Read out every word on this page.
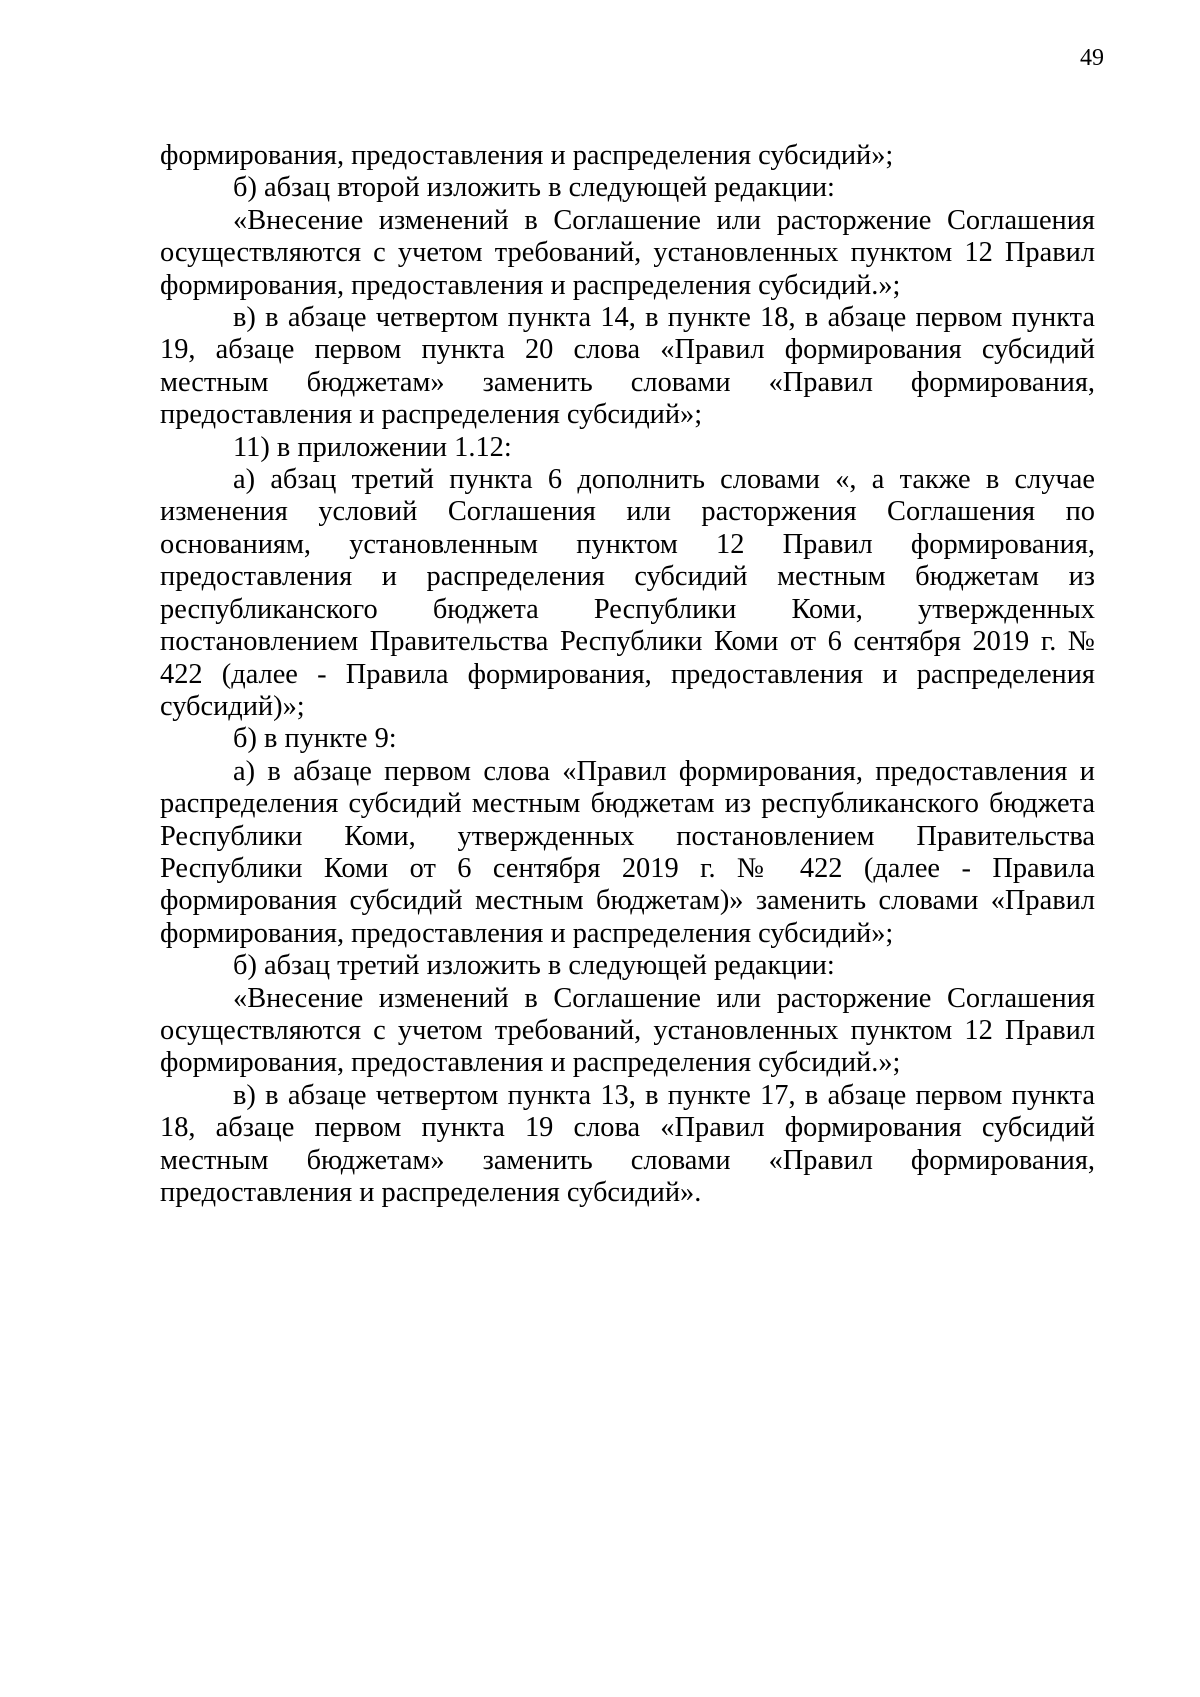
49

формирования, предоставления и распределения субсидий»;

б) абзац второй изложить в следующей редакции:

«Внесение изменений в Соглашение или расторжение Соглашения осуществляются с учетом требований, установленных пунктом 12 Правил формирования, предоставления и распределения субсидий.»;

в) в абзаце четвертом пункта 14, в пункте 18, в абзаце первом пункта 19, абзаце первом пункта 20 слова «Правил формирования субсидий местным бюджетам» заменить словами «Правил формирования, предоставления и распределения субсидий»;

11) в приложении 1.12:

а) абзац третий пункта 6 дополнить словами «, а также в случае изменения условий Соглашения или расторжения Соглашения по основаниям, установленным пунктом 12 Правил формирования, предоставления и распределения субсидий местным бюджетам из республиканского бюджета Республики Коми, утвержденных постановлением Правительства Республики Коми от 6 сентября 2019 г. № 422 (далее - Правила формирования, предоставления и распределения субсидий)»;

б) в пункте 9:

а) в абзаце первом слова «Правил формирования, предоставления и распределения субсидий местным бюджетам из республиканского бюджета Республики Коми, утвержденных постановлением Правительства Республики Коми от 6 сентября 2019 г. № 422 (далее - Правила формирования субсидий местным бюджетам)» заменить словами «Правил формирования, предоставления и распределения субсидий»;

б) абзац третий изложить в следующей редакции:

«Внесение изменений в Соглашение или расторжение Соглашения осуществляются с учетом требований, установленных пунктом 12 Правил формирования, предоставления и распределения субсидий.»;

в) в абзаце четвертом пункта 13, в пункте 17, в абзаце первом пункта 18, абзаце первом пункта 19 слова «Правил формирования субсидий местным бюджетам» заменить словами «Правил формирования, предоставления и распределения субсидий».
